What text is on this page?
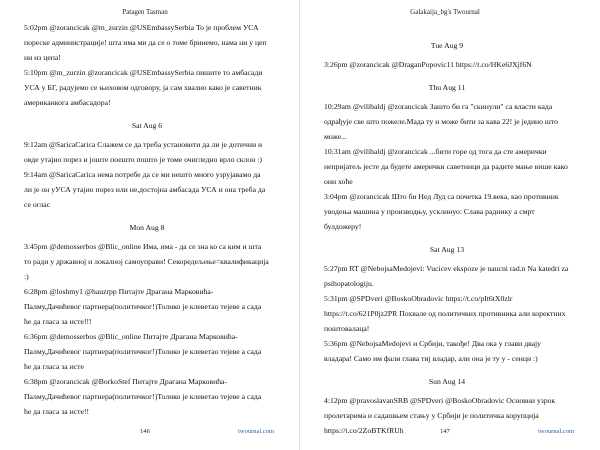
Patagen Tasman
5:02pm @zorancicak @m_zurzin @USEmbassySerbia То је проблем УСА пореске администрације! шта има ми да се о томе бринемо, нама ни у цеп ни из цепа!
5:10pm @m_zurzin @zorancicak @USEmbassySerbia пишите то амбасади УСА у БГ, радујемо се њиховом одговору, ја сам хвалио како је саветник американкога амбасадора!
Sat Aug 6
9:12am @SaricaCarica Слажем се да треба установити да ли је дотични и овде утајио порез и јоште поешто пошто је томе очигледно врло склон :)
9:14am @SaricaCarica нема потребе да се ми нешто много узрујавамо да ли је он уУСА утајио порез или не,достојна амбасада УСА и она треба да се оглас
Mon Aug 8
3:45pm @demosserbos @Blic_online Има, има - да се зна ко са ким и шта то ради у државној и локалној самоуправи! Секоредељење=квалификација :)
6:28pm @loshmy1 @hauzrpp Питајте Драгана Марковића-Палму,Дачићевог партнера(политичког!)Толико је клеветао тејеве а сада ће да гласа за исте!!!
6:36pm @demosserbos @Blic_online Питајте Драгана Марковића-Палму,Дачићевог партнера(политичког!)Толико је клеветао тејеве а сада ће да гласа за исте
6:38pm @zorancicak @BorkoStef Питајте Драгана Марковића-Палму,Дачићевог партнера(политичког!)Толико је клеветао тејеве а сада ће да гласа за исте!!
146	twournal.com
Galakaija_bg's Twournal
Tue Aug 9
3:26pm @zorancicak @DraganPopovic11 https://t.co/HKe6JXjf6N
Thu Aug 11
10:29am @vilibaldj @zorancicak Зашто би га "скинули" са власти када одрађује све што пожеле.Мада ту и може бити за кава 22! је једино што може...
10:31am @vilibaldj @zorancicak ...бити горе од тога да сте амерички непријатељ јесте да будете амерички саветници да радите мање више како они хоће
3:04pm @zorancicak Што би Нед Луд са почетка 19.века, као противник уводења машина у производњу, усклинуо: Слава раднику а смрт булдожеру!
Sat Aug 13
5:27pm RT @NebojsaMedojevi: Vucicev ekspoze je naucni rad.n Na katedri za psihopatologiju.
5:31pm @SPDveri @BoskoObradovic https://t.co/pIt6tX0zlr https://t.co/621P0jz2PR Похвале од политичких противника али коректних поштовалаца!
5:36pm @NebojsaMedojevi и Србији, такође! Два ока у глави дваjу владара! Само им фали глава тиј владар, али она је ту у - сенци :)
Sun Aug 14
4:12pm @pravoslavanSRB @SPDveri @BoskoObradovic Основни узрок пролетарима и садашњем стању у Србији је политичка корупција https://t.co/2ZoBTKfRUh	147	twournal.com
